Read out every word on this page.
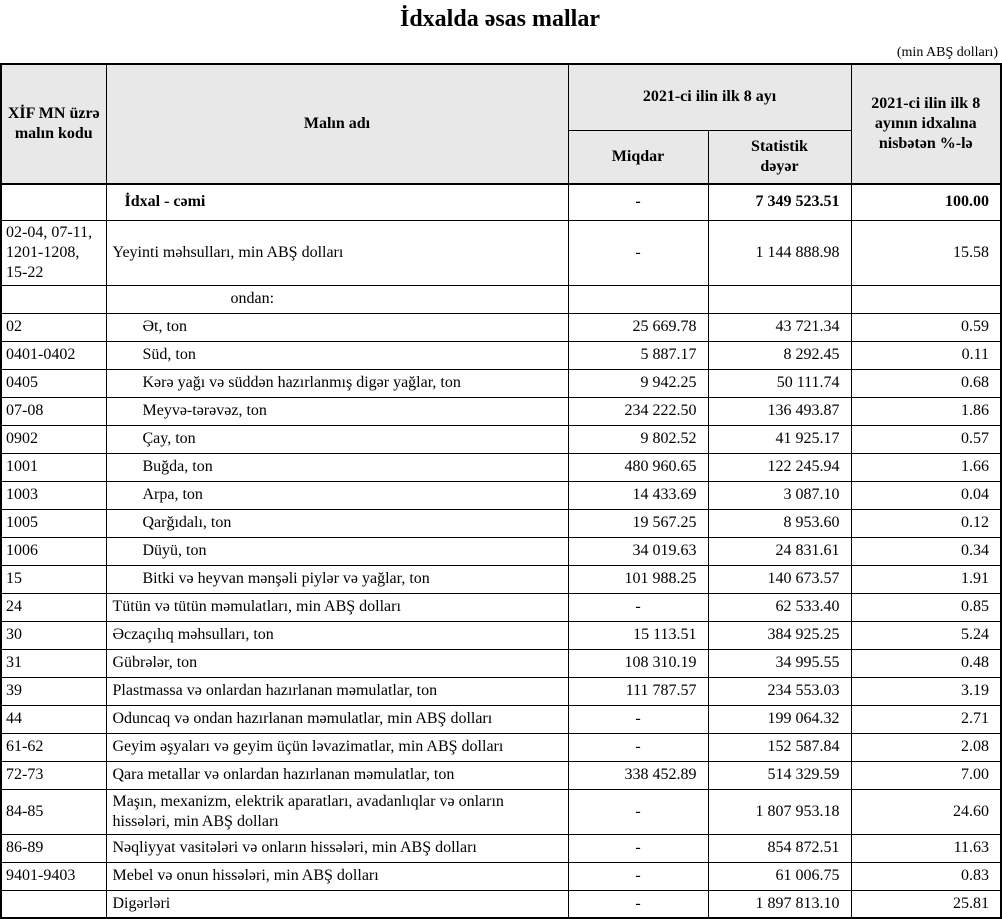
İdxalda əsas mallar
(min ABŞ dolları)
XİF MN üzrə malın kodu	Malın adı	2021-ci ilin ilk 8 ayı		2021-ci ilin ilk 8 ayının idxalına nisbətən %-lə
		Miqdar	Statistik dəyər	
	İdxal - cəmi	-	7 349 523.51	100.00
02-04, 07-11, 1201-1208, 15-22	Yeyinti məhsulları, min ABŞ dolları	-	1 144 888.98	15.58
	ondan:			
02	Ət, ton	25 669.78	43 721.34	0.59
0401-0402	Süd, ton	5 887.17	8 292.45	0.11
0405	Kərə yağı və süddən hazırlanmış digər yağlar, ton	9 942.25	50 111.74	0.68
07-08	Meyvə-tərəvəz, ton	234 222.50	136 493.87	1.86
0902	Çay, ton	9 802.52	41 925.17	0.57
1001	Buğda, ton	480 960.65	122 245.94	1.66
1003	Arpa, ton	14 433.69	3 087.10	0.04
1005	Qarğıdalı, ton	19 567.25	8 953.60	0.12
1006	Düyü, ton	34 019.63	24 831.61	0.34
15	Bitki və heyvan mənşəli piylər və yağlar, ton	101 988.25	140 673.57	1.91
24	Tütün və tütün məmulatları, min ABŞ dolları	-	62 533.40	0.85
30	Əczaçılıq məhsulları, ton	15 113.51	384 925.25	5.24
31	Gübrələr, ton	108 310.19	34 995.55	0.48
39	Plastmassa və onlardan hazırlanan məmulatlar, ton	111 787.57	234 553.03	3.19
44	Oduncaq və ondan hazırlanan məmulatlar, min ABŞ dolları	-	199 064.32	2.71
61-62	Geyim əşyaları və geyim üçün ləvazimatlar, min ABŞ dolları	-	152 587.84	2.08
72-73	Qara metallar və onlardan hazırlanan məmulatlar, ton	338 452.89	514 329.59	7.00
84-85	Maşın, mexanizm, elektrik aparatları, avadanlıqlar və onların hissələri, min ABŞ dolları	-	1 807 953.18	24.60
86-89	Nəqliyyat vasitələri və onların hissələri, min ABŞ dolları	-	854 872.51	11.63
9401-9403	Mebel və onun hissələri, min ABŞ dolları	-	61 006.75	0.83
	Digərləri	-	1 897 813.10	25.81
